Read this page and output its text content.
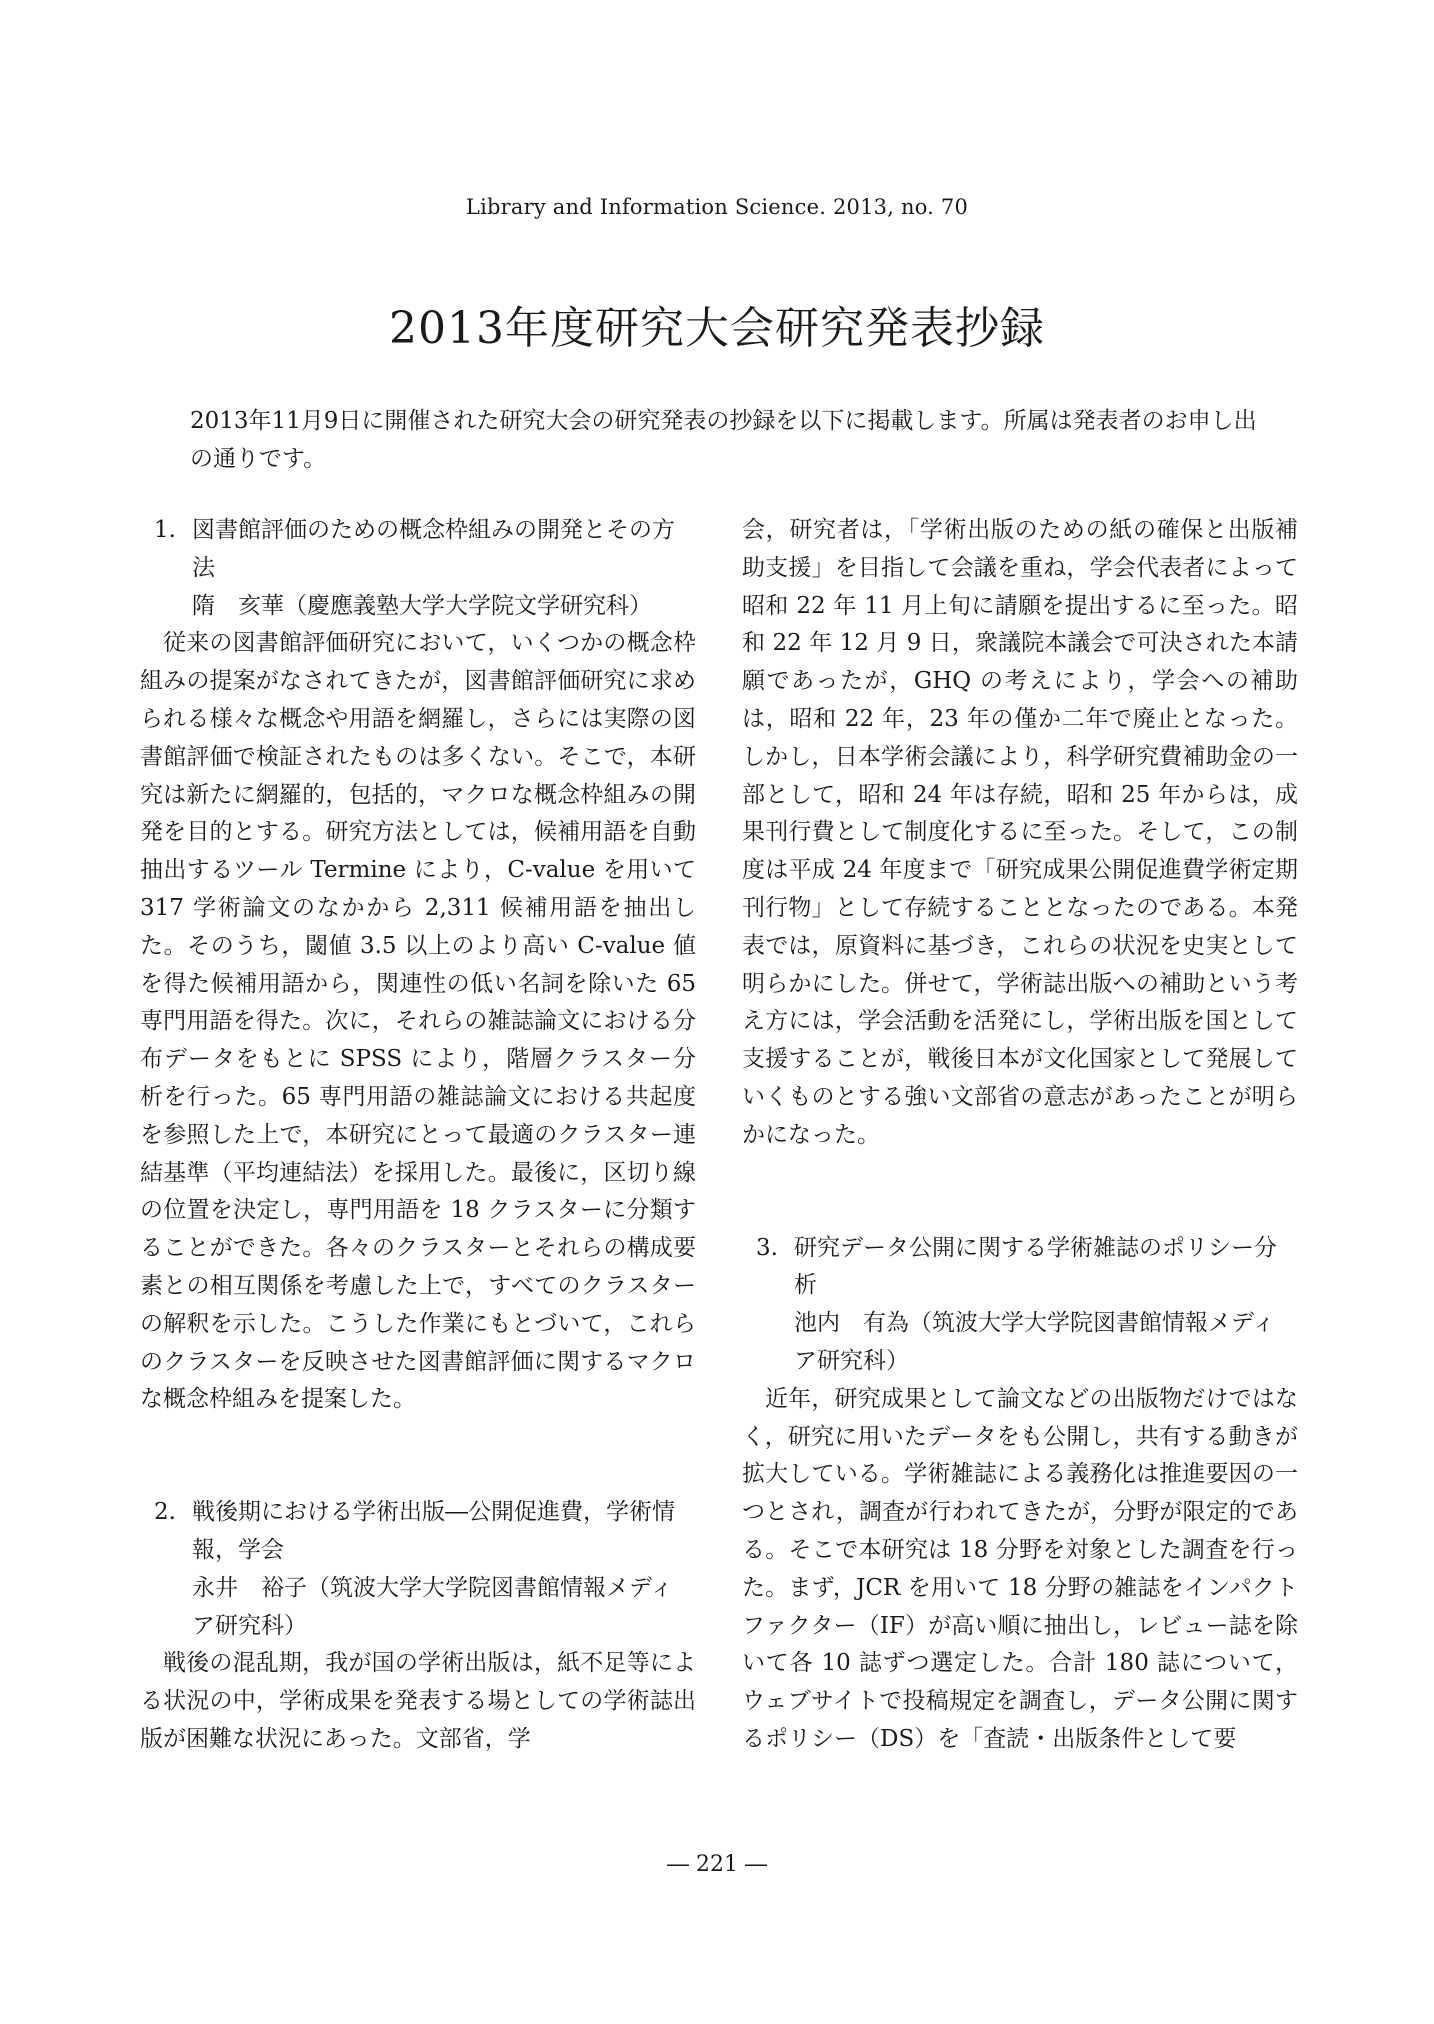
Library and Information Science. 2013, no. 70
2013年度研究大会研究発表抄録
2013年11月9日に開催された研究大会の研究発表の抄録を以下に掲載します。所属は発表者のお申し出の通りです。
1. 図書館評価のための概念枠組みの開発とその方法
隋　亥華（慶應義塾大学大学院文学研究科）
従来の図書館評価研究において，いくつかの概念枠組みの提案がなされてきたが，図書館評価研究に求められる様々な概念や用語を網羅し，さらには実際の図書館評価で検証されたものは多くない。そこで，本研究は新たに網羅的，包括的，マクロな概念枠組みの開発を目的とする。研究方法としては，候補用語を自動抽出するツール Termine により，C-value を用いて 317 学術論文のなかから 2,311 候補用語を抽出した。そのうち，閾値 3.5 以上のより高い C-value 値を得た候補用語から，関連性の低い名詞を除いた 65 専門用語を得た。次に，それらの雑誌論文における分布データをもとに SPSS により，階層クラスター分析を行った。65 専門用語の雑誌論文における共起度を参照した上で，本研究にとって最適のクラスター連結基準（平均連結法）を採用した。最後に，区切り線の位置を決定し，専門用語を 18 クラスターに分類することができた。各々のクラスターとそれらの構成要素との相互関係を考慮した上で，すべてのクラスターの解釈を示した。こうした作業にもとづいて，これらのクラスターを反映させた図書館評価に関するマクロな概念枠組みを提案した。
2. 戦後期における学術出版―公開促進費，学術情報，学会
永井　裕子（筑波大学大学院図書館情報メディア研究科）
戦後の混乱期，我が国の学術出版は，紙不足等による状況の中，学術成果を発表する場としての学術誌出版が困難な状況にあった。文部省，学
会，研究者は，「学術出版のための紙の確保と出版補助支援」を目指して会議を重ね，学会代表者によって昭和 22 年 11 月上旬に請願を提出するに至った。昭和 22 年 12 月 9 日，衆議院本議会で可決された本請願であったが，GHQ の考えにより，学会への補助は，昭和 22 年，23 年の僅か二年で廃止となった。しかし，日本学術会議により，科学研究費補助金の一部として，昭和 24 年は存続，昭和 25 年からは，成果刊行費として制度化するに至った。そして，この制度は平成 24 年度まで「研究成果公開促進費学術定期刊行物」として存続することとなったのである。本発表では，原資料に基づき，これらの状況を史実として明らかにした。併せて，学術誌出版への補助という考え方には，学会活動を活発にし，学術出版を国として支援することが，戦後日本が文化国家として発展していくものとする強い文部省の意志があったことが明らかになった。
3. 研究データ公開に関する学術雑誌のポリシー分析
池内　有為（筑波大学大学院図書館情報メディア研究科）
近年，研究成果として論文などの出版物だけではなく，研究に用いたデータをも公開し，共有する動きが拡大している。学術雑誌による義務化は推進要因の一つとされ，調査が行われてきたが，分野が限定的である。そこで本研究は 18 分野を対象とした調査を行った。まず，JCR を用いて 18 分野の雑誌をインパクトファクター（IF）が高い順に抽出し，レビュー誌を除いて各 10 誌ずつ選定した。合計 180 誌について，ウェブサイトで投稿規定を調査し，データ公開に関するポリシー（DS）を「査読・出版条件として要
― 221 ―
